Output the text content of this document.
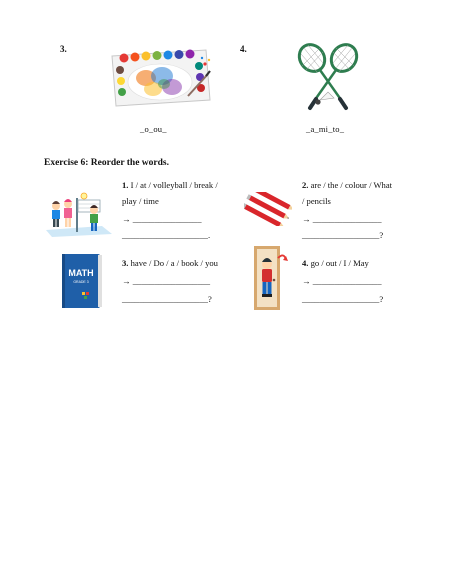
3.
_o_ou_
4.
_a_mi_to_
Exercise 6: Reorder the words.
1. I / at / volleyball / break /
play / time
→ ________________
____________________.
2. are / the / colour / What
/ pencils
→ ________________
__________________?
MATH
GRADE 3
3. have / Do / a / book / you
→ __________________
____________________?
4. go / out / I / May
→ ________________
__________________?
